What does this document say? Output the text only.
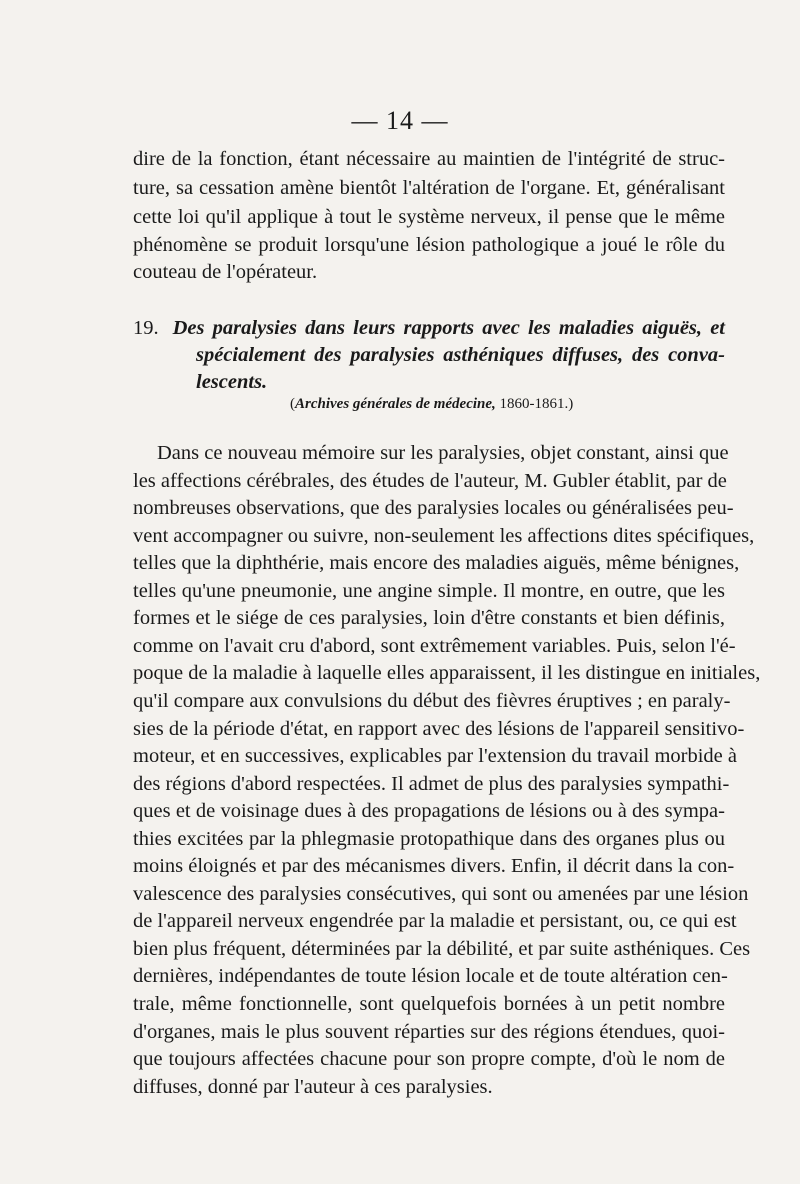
— 14 —
dire de la fonction, étant nécessaire au maintien de l'intégrité de struc-
ture, sa cessation amène bientôt l'altération de l'organe. Et, généralisant
cette loi qu'il applique à tout le système nerveux, il pense que le même
phénomène se produit lorsqu'une lésion pathologique a joué le rôle du
couteau de l'opérateur.
19. Des paralysies dans leurs rapports avec les maladies aiguës, et
spécialement des paralysies asthéniques diffuses, des conva-
lescents.
(Archives générales de médecine, 1860-1861.)
Dans ce nouveau mémoire sur les paralysies, objet constant, ainsi que
les affections cérébrales, des études de l'auteur, M. Gubler établit, par de
nombreuses observations, que des paralysies locales ou généralisées peu-
vent accompagner ou suivre, non-seulement les affections dites spécifiques,
telles que la diphthérie, mais encore des maladies aiguës, même bénignes,
telles qu'une pneumonie, une angine simple. Il montre, en outre, que les
formes et le siége de ces paralysies, loin d'être constants et bien définis,
comme on l'avait cru d'abord, sont extrêmement variables. Puis, selon l'é-
poque de la maladie à laquelle elles apparaissent, il les distingue en initiales,
qu'il compare aux convulsions du début des fièvres éruptives ; en paraly-
sies de la période d'état, en rapport avec des lésions de l'appareil sensitivo-
moteur, et en successives, explicables par l'extension du travail morbide à
des régions d'abord respectées. Il admet de plus des paralysies sympathi-
ques et de voisinage dues à des propagations de lésions ou à des sympa-
thies excitées par la phlegmasie protopathique dans des organes plus ou
moins éloignés et par des mécanismes divers. Enfin, il décrit dans la con-
valescence des paralysies consécutives, qui sont ou amenées par une lésion
de l'appareil nerveux engendrée par la maladie et persistant, ou, ce qui est
bien plus fréquent, déterminées par la débilité, et par suite asthéniques. Ces
dernières, indépendantes de toute lésion locale et de toute altération cen-
trale, même fonctionnelle, sont quelquefois bornées à un petit nombre
d'organes, mais le plus souvent réparties sur des régions étendues, quoi-
que toujours affectées chacune pour son propre compte, d'où le nom de
diffuses, donné par l'auteur à ces paralysies.
